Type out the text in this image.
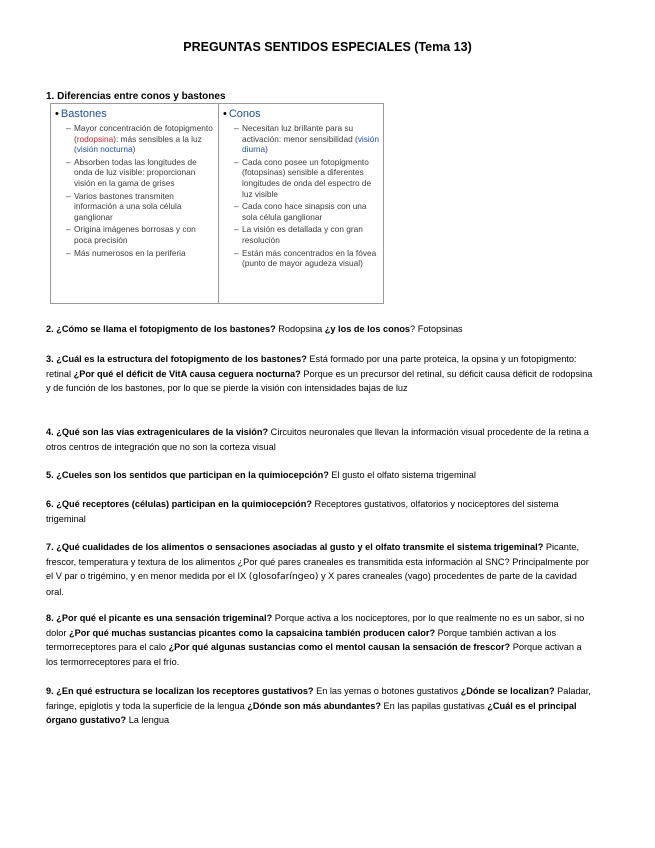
PREGUNTAS SENTIDOS ESPECIALES (Tema 13)
1. Diferencias entre conos y bastones
• Bastones
– Mayor concentración de fotopigmento (rodopsina): más sensibles a la luz (visión nocturna)
– Absorben todas las longitudes de onda de luz visible: proporcionan visión en la gama de grises
– Varios bastones transmiten información a una sola célula ganglionar
– Origina imágenes borrosas y con poca precisión
– Más numerosos en la periferia
• Conos
– Necesitan luz brillante para su activación: menor sensibilidad (visión diurna)
– Cada cono posee un fotopigmento (fotopsinas) sensible a diferentes longitudes de onda del espectro de luz visible
– Cada cono hace sinapsis con una sola célula ganglionar
– La visión es detallada y con gran resolución
– Están más concentrados en la fóvea (punto de mayor agudeza visual)
2. ¿Cómo se llama el fotopigmento de los bastones? Rodopsina ¿y los de los conos? Fotopsinas
3. ¿Cuál es la estructura del fotopigmento de los bastones? Está formado por una parte proteica, la opsina y un fotopigmento: retinal ¿Por qué el déficit de VitA causa ceguera nocturna? Porque es un precursor del retinal, su déficit causa déficit de rodopsina y de función de los bastones, por lo que se pierde la visión con intensidades bajas de luz
4. ¿Qué son las vías extrageniculares de la visión? Circuitos neuronales que llevan la información visual procedente de la retina a otros centros de integración que no son la corteza visual
5. ¿Cueles son los sentidos que participan en la quimiocepción? El gusto el olfato sistema trigeminal
6. ¿Qué receptores (células) participan en la quimiocepción? Receptores gustativos, olfatorios y nociceptores del sistema trigeminal
7. ¿Qué cualidades de los alimentos o sensaciones asociadas al gusto y el olfato transmite el sistema trigeminal? Picante, frescor, temperatura y textura de los alimentos ¿Por qué pares craneales es transmitida esta información al SNC? Principalmente por el V par o trigémino, y en menor medida por el IX (glosofaríngeo) y X pares craneales (vago) procedentes de parte de la cavidad oral.
8. ¿Por qué el picante es una sensación trigeminal? Porque activa a los nociceptores, por lo que realmente no es un sabor, si no dolor ¿Por qué muchas sustancias picantes como la capsaicina también producen calor? Porque también activan a los termorreceptores para el calo ¿Por qué algunas sustancias como el mentol causan la sensación de frescor? Porque activan a los termorreceptores para el frío.
9. ¿En qué estructura se localizan los receptores gustativos? En las yemas o botones gustativos ¿Dónde se localizan? Paladar, faringe, epiglotis y toda la superficie de la lengua ¿Dónde son más abundantes? En las papilas gustativas ¿Cuál es el principal órgano gustativo? La lengua
